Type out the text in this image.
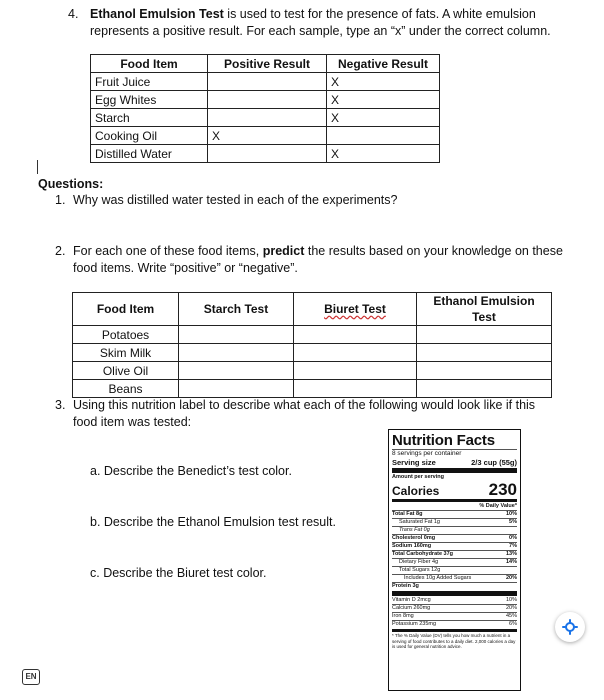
4. Ethanol Emulsion Test is used to test for the presence of fats. A white emulsion represents a positive result. For each sample, type an “x” under the correct column.
Food Item	Positive Result	Negative Result
Fruit Juice		X
Egg Whites		X
Starch		X
Cooking Oil	X	
Distilled Water		X
Questions:
1. Why was distilled water tested in each of the experiments?
2. For each one of these food items, predict the results based on your knowledge on these food items. Write “positive” or “negative”.
Food Item	Starch Test	Biuret Test	Ethanol Emulsion Test
Potatoes			
Skim Milk			
Olive Oil			
Beans			
3. Using this nutrition label to describe what each of the following would look like if this food item was tested:
a. Describe the Benedict’s test color.
b. Describe the Ethanol Emulsion test result.
c. Describe the Biuret test color.
Nutrition Facts
8 servings per container
Serving size	2/3 cup (55g)
Amount per serving
Calories	230
% Daily Value*
Total Fat 8g	10%
Saturated Fat 1g	5%
Trans Fat 0g
Cholesterol 0mg	0%
Sodium 160mg	7%
Total Carbohydrate 37g	13%
Dietary Fiber 4g	14%
Total Sugars 12g
Includes 10g Added Sugars	20%
Protein 3g
Vitamin D 2mcg	10%
Calcium 260mg	20%
Iron 8mg	45%
Potassium 235mg	6%
* The % Daily Value (DV) tells you how much a nutrient in a serving of food contributes to a daily diet. 2,000 calories a day is used for general nutrition advice.
EN
